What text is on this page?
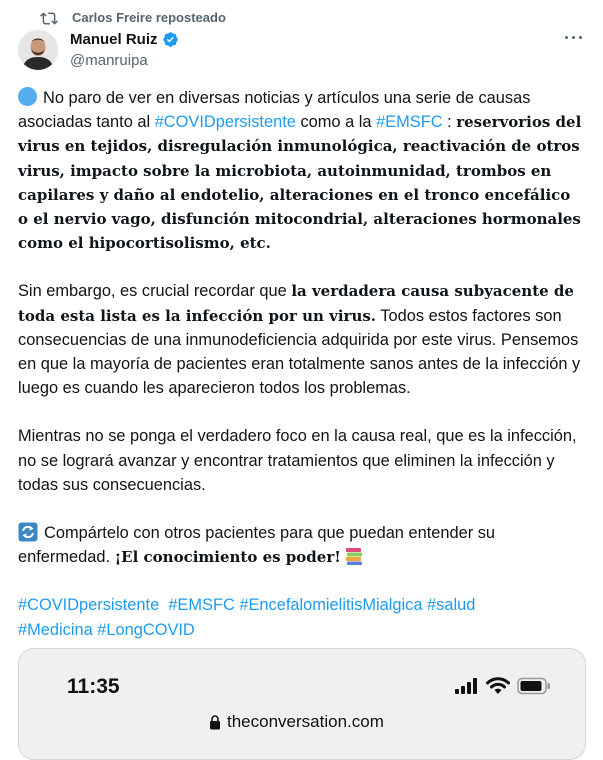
Carlos Freire reposteado
Manuel Ruiz
@manruipa

No paro de ver en diversas noticias y artículos una serie de causas asociadas tanto al #COVIDpersistente como a la #EMSFC : reservorios del virus en tejidos, disregulación inmunológica, reactivación de otros virus, impacto sobre la microbiota, autoinmunidad, trombos en capilares y daño al endotelio, alteraciones en el tronco encefálico o el nervio vago, disfunción mitocondrial, alteraciones hormonales como el hipocortisolismo, etc.

Sin embargo, es crucial recordar que la verdadera causa subyacente de toda esta lista es la infección por un virus. Todos estos factores son consecuencias de una inmunodeficiencia adquirida por este virus. Pensemos en que la mayoría de pacientes eran totalmente sanos antes de la infección y luego es cuando les aparecieron todos los problemas.

Mientras no se ponga el verdadero foco en la causa real, que es la infección, no se logrará avanzar y encontrar tratamientos que eliminen la infección y todas sus consecuencias.

Compártelo con otros pacientes para que puedan entender su enfermedad. ¡El conocimiento es poder!

#COVIDpersistente #EMSFC #EncefalomielitisMialgica #salud
#Medicina #LongCOVID

11:35
theconversation.com
